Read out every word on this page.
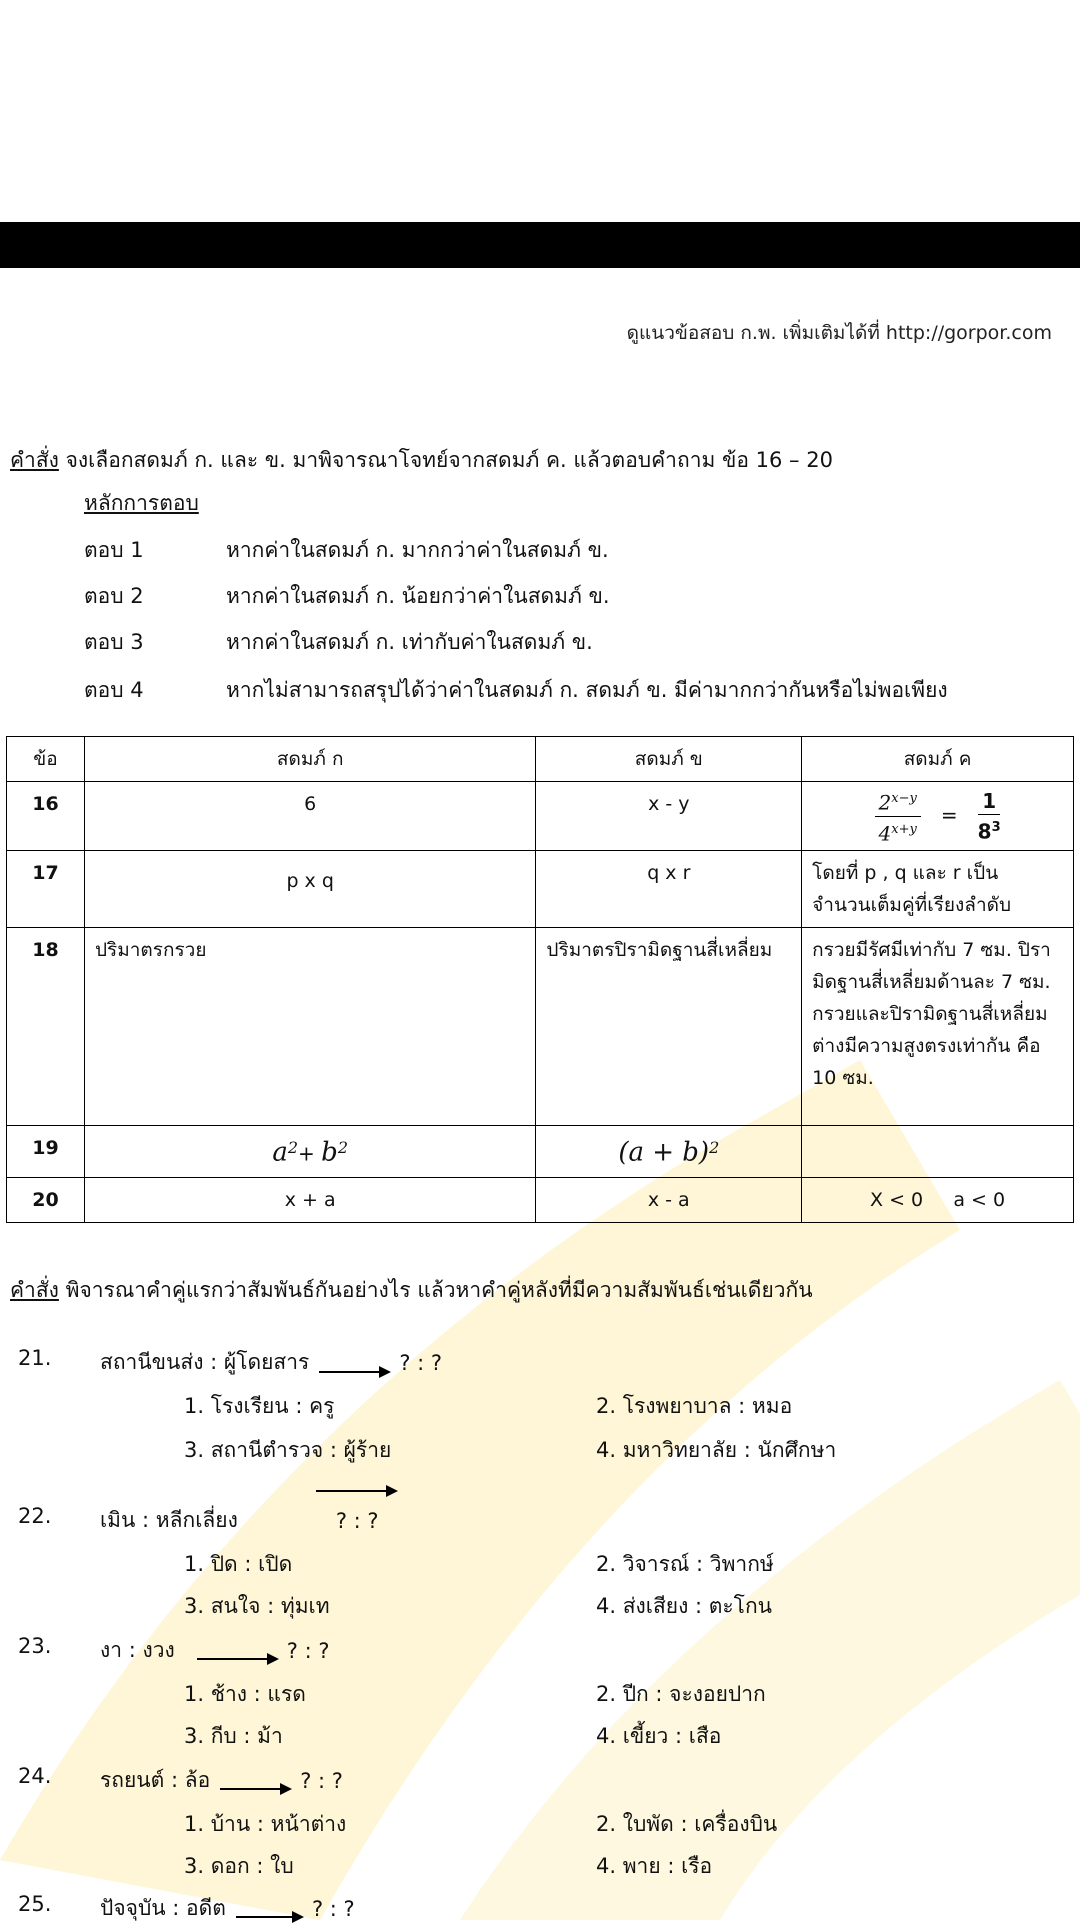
ดูแนวข้อสอบ ก.พ. เพิ่มเติมได้ที่ http://gorpor.com
คำสั่ง จงเลือกสดมภ์ ก. และ ข. มาพิจารณาโจทย์จากสดมภ์ ค. แล้วตอบคำถาม ข้อ 16 – 20
หลักการตอบ
ตอบ 1	หากค่าในสดมภ์ ก. มากกว่าค่าในสดมภ์ ข.
ตอบ 2	หากค่าในสดมภ์ ก. น้อยกว่าค่าในสดมภ์ ข.
ตอบ 3	หากค่าในสดมภ์ ก. เท่ากับค่าในสดมภ์ ข.
ตอบ 4	หากไม่สามารถสรุปได้ว่าค่าในสดมภ์ ก. สดมภ์ ข. มีค่ามากกว่ากันหรือไม่พอเพียง
ข้อ	สดมภ์ ก	สดมภ์ ข	สดมภ์ ค
16	6	x - y	$\frac{2^{x-y}}{4^{x+y}} = \frac{1}{8^3}$

17	p x q	q x r	โดยที่ p , q และ r เป็นจำนวนเต็มคู่ที่เรียงลำดับ
18	ปริมาตรกรวย	ปริมาตรปิรามิดฐานสี่เหลี่ยม	กรวยมีรัศมีเท่ากับ 7 ซม. ปิรามิดฐานสี่เหลี่ยมด้านละ 7 ซม. กรวยและปิรามิดฐานสี่เหลี่ยมต่างมีความสูงตรงเท่ากัน คือ 10 ซม.
19	$a^2+ b^2$	$(a + b)^2$	
20	x + a	x - a	X < 0     a < 0
คำสั่ง พิจารณาคำคู่แรกว่าสัมพันธ์กันอย่างไร แล้วหาคำคู่หลังที่มีความสัมพันธ์เช่นเดียวกัน
21. สถานีขนส่ง : ผู้โดยสาร	? : ?
1. โรงเรียน : ครู	2. โรงพยาบาล : หมอ
3. สถานีตำรวจ : ผู้ร้าย	4. มหาวิทยาลัย : นักศึกษา
22. เมิน : หลีกเลี่ยง	? : ?
1. ปิด : เปิด	2. วิจารณ์ : วิพากษ์
3. สนใจ : ทุ่มเท	4. ส่งเสียง : ตะโกน
23. งา : งวง	? : ?
1. ช้าง : แรด	2. ปีก : จะงอยปาก
3. กีบ : ม้า	4. เขี้ยว : เสือ
24. รถยนต์ : ล้อ	? : ?
1. บ้าน : หน้าต่าง	2. ใบพัด : เครื่องบิน
3. ดอก : ใบ	4. พาย : เรือ
25. ปัจจุบัน : อดีต	? : ?
